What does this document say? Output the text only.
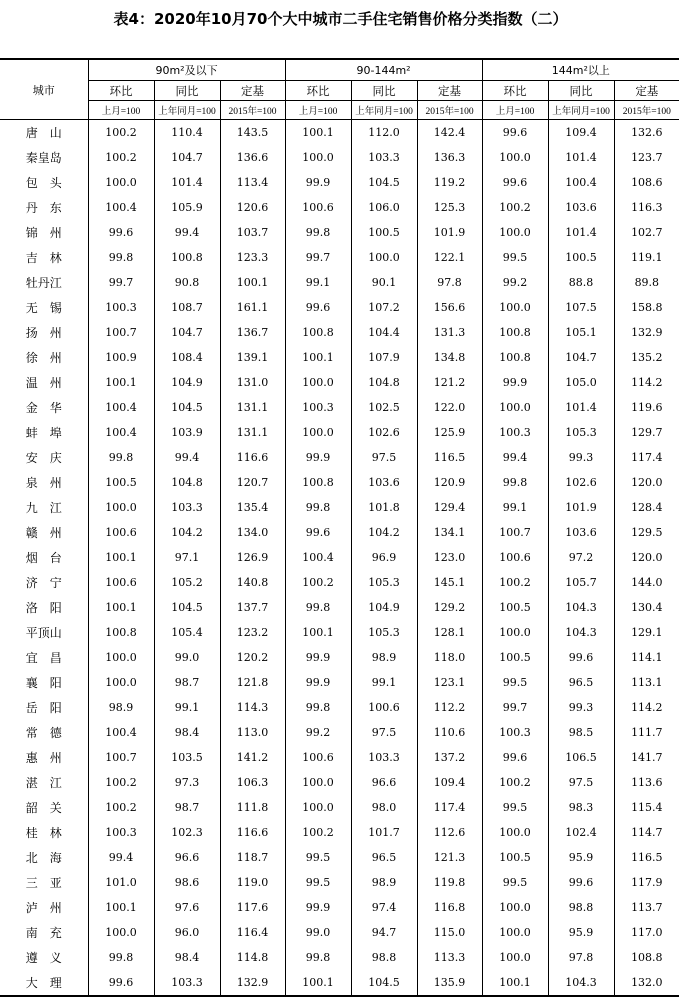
表4：2020年10月70个大中城市二手住宅销售价格分类指数（二）
城市	90m²及以下			90-144m²			144m²以上		
	环比	同比	定基	环比	同比	定基	环比	同比	定基
	上月=100	上年同月=100	2015年=100	上月=100	上年同月=100	2015年=100	上月=100	上年同月=100	2015年=100
唐　山	100.2	110.4	143.5	100.1	112.0	142.4	99.6	109.4	132.6
秦皇岛	100.2	104.7	136.6	100.0	103.3	136.3	100.0	101.4	123.7
包　头	100.0	101.4	113.4	99.9	104.5	119.2	99.6	100.4	108.6
丹　东	100.4	105.9	120.6	100.6	106.0	125.3	100.2	103.6	116.3
锦　州	99.6	99.4	103.7	99.8	100.5	101.9	100.0	101.4	102.7
吉　林	99.8	100.8	123.3	99.7	100.0	122.1	99.5	100.5	119.1
牡丹江	99.7	90.8	100.1	99.1	90.1	97.8	99.2	88.8	89.8
无　锡	100.3	108.7	161.1	99.6	107.2	156.6	100.0	107.5	158.8
扬　州	100.7	104.7	136.7	100.8	104.4	131.3	100.8	105.1	132.9
徐　州	100.9	108.4	139.1	100.1	107.9	134.8	100.8	104.7	135.2
温　州	100.1	104.9	131.0	100.0	104.8	121.2	99.9	105.0	114.2
金　华	100.4	104.5	131.1	100.3	102.5	122.0	100.0	101.4	119.6
蚌　埠	100.4	103.9	131.1	100.0	102.6	125.9	100.3	105.3	129.7
安　庆	99.8	99.4	116.6	99.9	97.5	116.5	99.4	99.3	117.4
泉　州	100.5	104.8	120.7	100.8	103.6	120.9	99.8	102.6	120.0
九　江	100.0	103.3	135.4	99.8	101.8	129.4	99.1	101.9	128.4
赣　州	100.6	104.2	134.0	99.6	104.2	134.1	100.7	103.6	129.5
烟　台	100.1	97.1	126.9	100.4	96.9	123.0	100.6	97.2	120.0
济　宁	100.6	105.2	140.8	100.2	105.3	145.1	100.2	105.7	144.0
洛　阳	100.1	104.5	137.7	99.8	104.9	129.2	100.5	104.3	130.4
平顶山	100.8	105.4	123.2	100.1	105.3	128.1	100.0	104.3	129.1
宜　昌	100.0	99.0	120.2	99.9	98.9	118.0	100.5	99.6	114.1
襄　阳	100.0	98.7	121.8	99.9	99.1	123.1	99.5	96.5	113.1
岳　阳	98.9	99.1	114.3	99.8	100.6	112.2	99.7	99.3	114.2
常　德	100.4	98.4	113.0	99.2	97.5	110.6	100.3	98.5	111.7
惠　州	100.7	103.5	141.2	100.6	103.3	137.2	99.6	106.5	141.7
湛　江	100.2	97.3	106.3	100.0	96.6	109.4	100.2	97.5	113.6
韶　关	100.2	98.7	111.8	100.0	98.0	117.4	99.5	98.3	115.4
桂　林	100.3	102.3	116.6	100.2	101.7	112.6	100.0	102.4	114.7
北　海	99.4	96.6	118.7	99.5	96.5	121.3	100.5	95.9	116.5
三　亚	101.0	98.6	119.0	99.5	98.9	119.8	99.5	99.6	117.9
泸　州	100.1	97.6	117.6	99.9	97.4	116.8	100.0	98.8	113.7
南　充	100.0	96.0	116.4	99.0	94.7	115.0	100.0	95.9	117.0
遵　义	99.8	98.4	114.8	99.8	98.8	113.3	100.0	97.8	108.8
大　理	99.6	103.3	132.9	100.1	104.5	135.9	100.1	104.3	132.0
